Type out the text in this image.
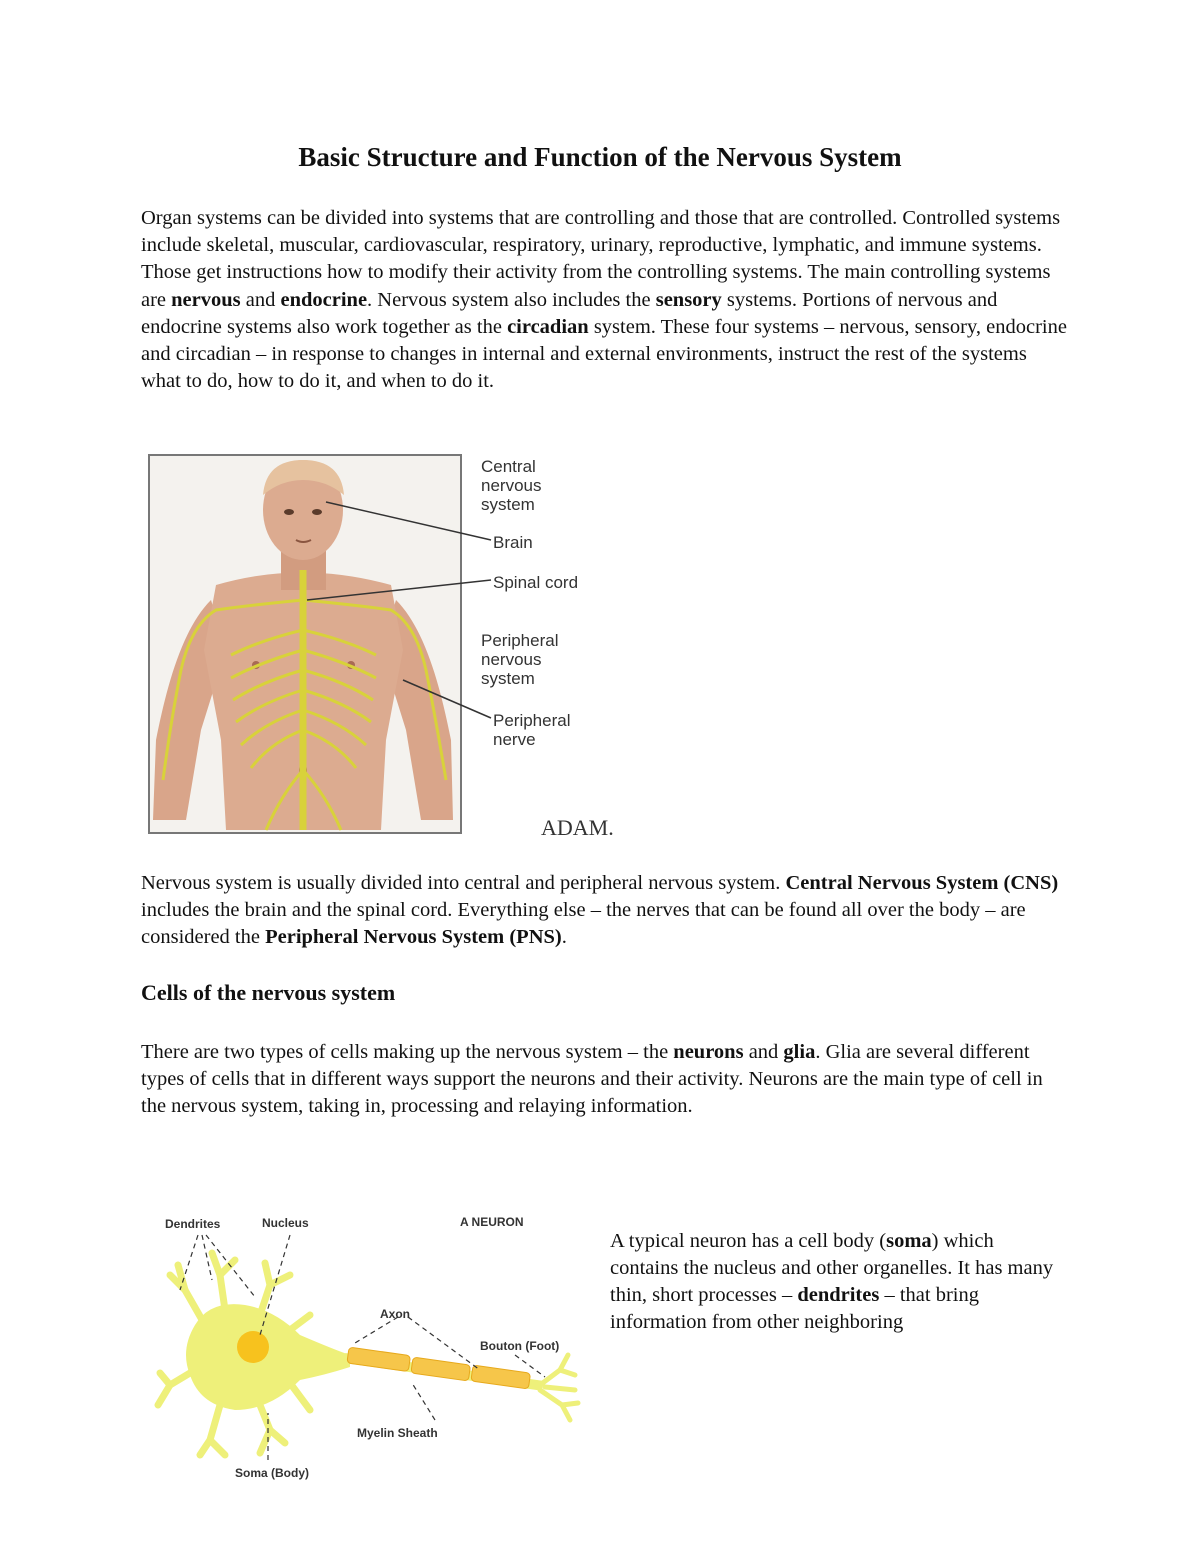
Basic Structure and Function of the Nervous System
Organ systems can be divided into systems that are controlling and those that are controlled. Controlled systems include skeletal, muscular, cardiovascular, respiratory, urinary, reproductive, lymphatic, and immune systems. Those get instructions how to modify their activity from the controlling systems. The main controlling systems are nervous and endocrine. Nervous system also includes the sensory systems. Portions of nervous and endocrine systems also work together as the circadian system. These four systems – nervous, sensory, endocrine and circadian – in response to changes in internal and external environments, instruct the rest of the systems what to do, how to do it, and when to do it.
Central nervous system
Brain
Spinal cord
Peripheral nervous system
Peripheral nerve
ADAM.
Nervous system is usually divided into central and peripheral nervous system. Central Nervous System (CNS) includes the brain and the spinal cord. Everything else – the nerves that can be found all over the body – are considered the Peripheral Nervous System (PNS).
Cells of the nervous system
There are two types of cells making up the nervous system – the neurons and glia. Glia are several different types of cells that in different ways support the neurons and their activity. Neurons are the main type of cell in the nervous system, taking in, processing and relaying information.
Dendrites	Nucleus	A NEURON
Axon
Bouton (Foot)
Myelin Sheath
Soma (Body)
A typical neuron has a cell body (soma) which contains the nucleus and other organelles. It has many thin, short processes – dendrites – that bring information from other neighboring
